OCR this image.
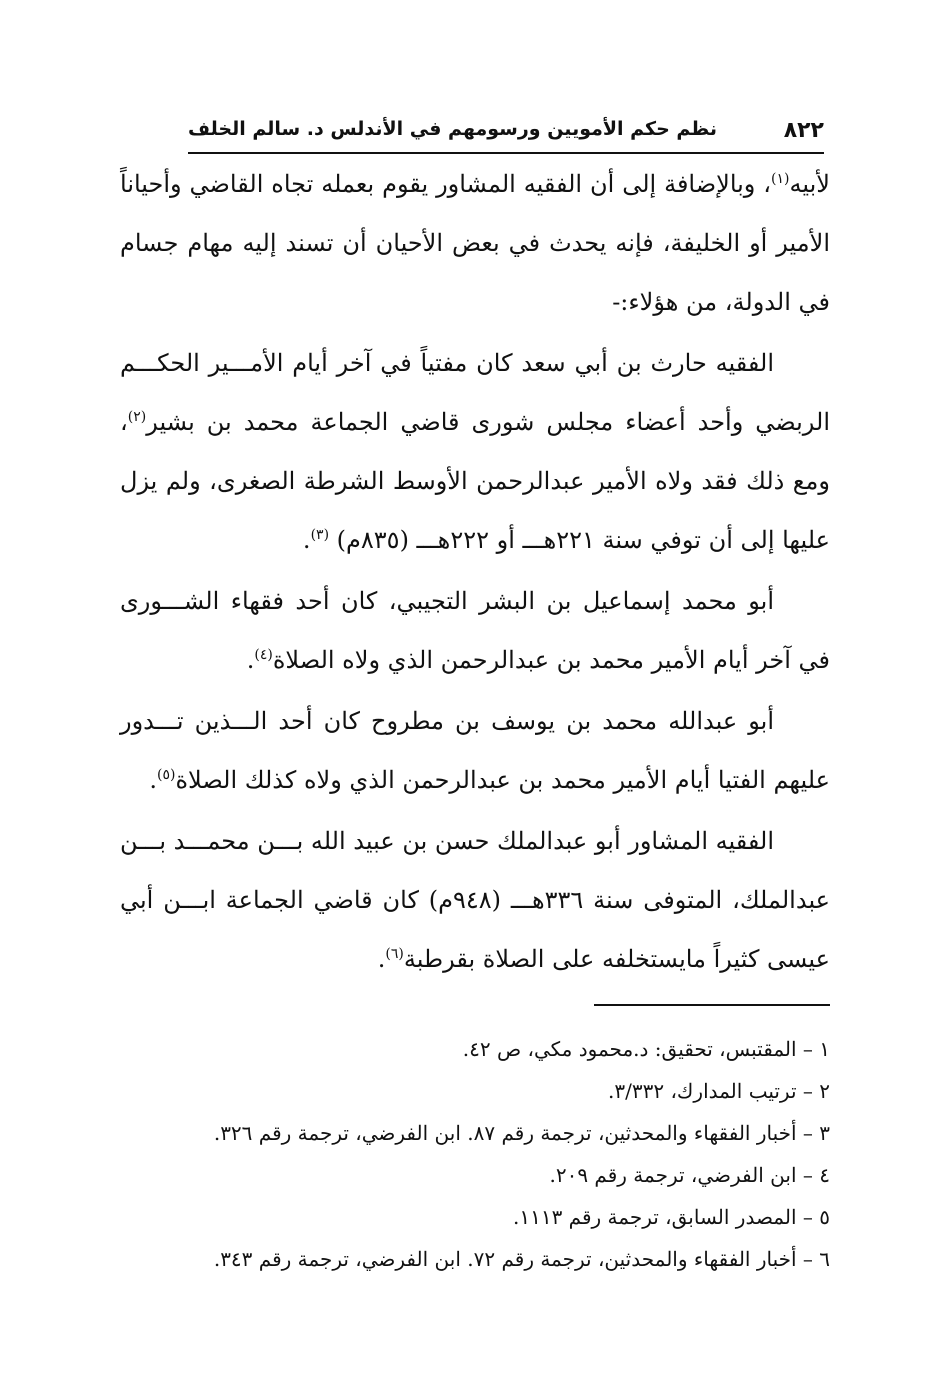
٨٢٢
نظم حكم الأمويين ورسومهم في الأندلس د. سالم الخلف

لأبيه$^{(١)}$، وبالإضافة إلى أن الفقيه المشاور يقوم بعمله تجاه القاضي وأحياناً الأمير أو الخليفة، فإنه يحدث في بعض الأحيان أن تسند إليه مهام جسام في الدولة، من هؤلاء:-

الفقيه حارث بن أبي سعد كان مفتياً في آخر أيام الأمـــير الحكـــم الربضي وأحد أعضاء مجلس شورى قاضي الجماعة محمد بن بشير$^{(٢)}$، ومع ذلك فقد ولاه الأمير عبدالرحمن الأوسط الشرطة الصغرى، ولم يزل عليها إلى أن توفي سنة ٢٢١هـــ أو ٢٢٢هـــ (٨٣٥م) $^{(٣)}$.

أبو محمد إسماعيل بن البشر التجيبي، كان أحد فقهاء الشـــورى في آخر أيام الأمير محمد بن عبدالرحمن الذي ولاه الصلاة$^{(٤)}$.

أبو عبدالله محمد بن يوسف بن مطروح كان أحد الـــذين تـــدور عليهم الفتيا أيام الأمير محمد بن عبدالرحمن الذي ولاه كذلك الصلاة$^{(٥)}$.

الفقيه المشاور أبو عبدالملك حسن بن عبيد الله بـــن محمـــد بـــن عبدالملك، المتوفى سنة ٣٣٦هـــ (٩٤٨م) كان قاضي الجماعة ابـــن أبي عيسى كثيراً مايستخلفه على الصلاة بقرطبة$^{(٦)}$.

١ – المقتبس، تحقيق: د.محمود مكي، ص ٤٢.
٢ – ترتيب المدارك، ٣/٣٣٢.
٣ – أخبار الفقهاء والمحدثين، ترجمة رقم ٨٧. ابن الفرضي، ترجمة رقم ٣٢٦.
٤ – ابن الفرضي، ترجمة رقم ٢٠٩.
٥ – المصدر السابق، ترجمة رقم ١١١٣.
٦ – أخبار الفقهاء والمحدثين، ترجمة رقم ٧٢. ابن الفرضي، ترجمة رقم ٣٤٣.
